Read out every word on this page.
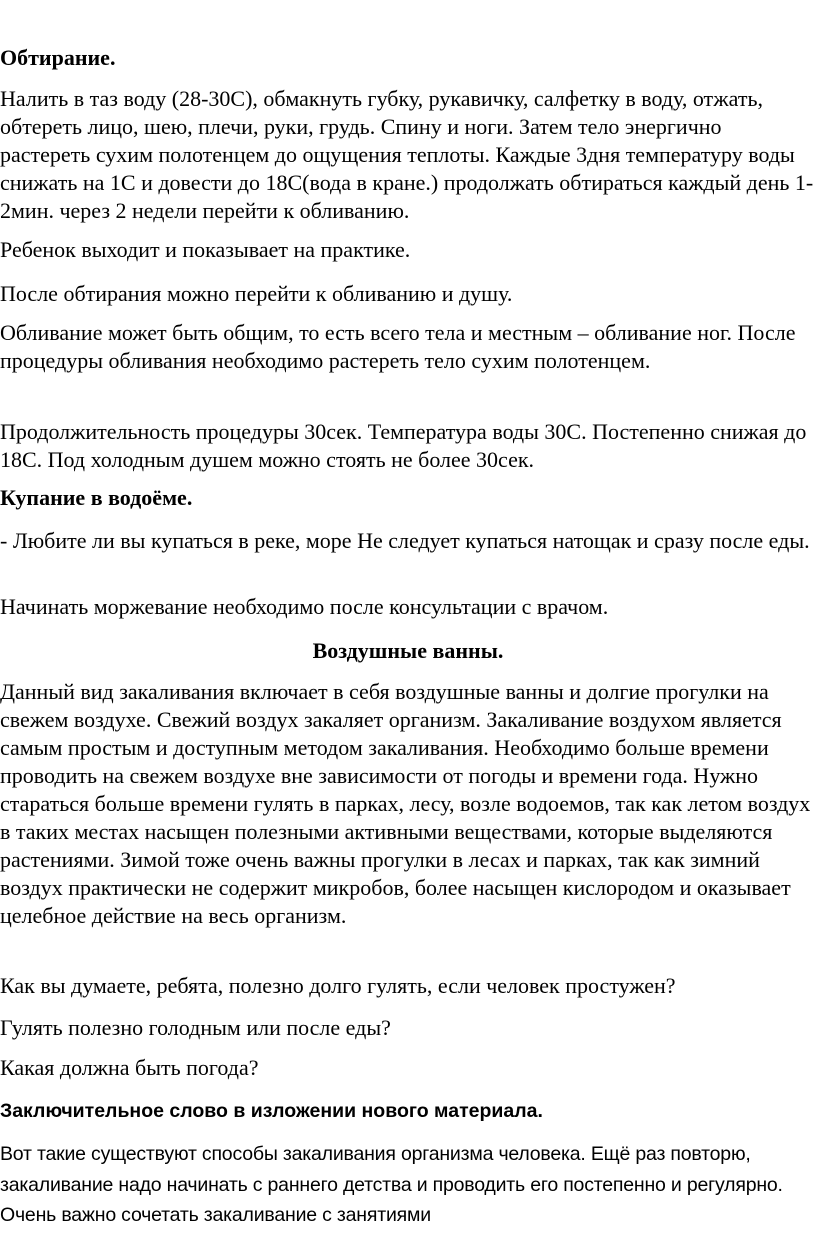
Обтирание.

Налить в таз воду (28-30С), обмакнуть губку, рукавичку, салфетку в воду, отжать, обтереть лицо, шею, плечи, руки, грудь. Спину и ноги. Затем тело энергично растереть сухим полотенцем до ощущения теплоты. Каждые 3дня температуру воды снижать на 1С и довести до 18С(вода в кране.) продолжать обтираться каждый день 1-2мин. через 2 недели перейти к обливанию.

Ребенок выходит и показывает на практике.

После обтирания можно перейти к обливанию и душу.

Обливание может быть общим, то есть всего тела и местным – обливание ног. После процедуры обливания необходимо растереть тело сухим полотенцем.

Продолжительность процедуры 30сек. Температура воды 30С. Постепенно снижая до 18С. Под холодным душем можно стоять не более 30сек.

Купание в водоёме.

- Любите ли вы купаться в реке, море Не следует купаться натощак и сразу после еды.

Начинать моржевание необходимо после консультации с врачом.

Воздушные ванны.

Данный вид закаливания включает в себя воздушные ванны и долгие прогулки на свежем воздухе. Свежий воздух закаляет организм. Закаливание воздухом является самым простым и доступным методом закаливания. Необходимо больше времени проводить на свежем воздухе вне зависимости от погоды и времени года. Нужно стараться больше времени гулять в парках, лесу, возле водоемов, так как летом воздух в таких местах насыщен полезными активными веществами, которые выделяются растениями. Зимой тоже очень важны прогулки в лесах и парках, так как зимний воздух практически не содержит микробов, более насыщен кислородом и оказывает целебное действие на весь организм.

Как вы думаете, ребята, полезно долго гулять, если человек простужен?

Гулять полезно голодным или после еды?

Какая должна быть погода?

Заключительное слово в изложении нового материала.

Вот такие существуют способы закаливания организма человека. Ещё раз повторю, закаливание надо начинать с раннего детства и проводить его постепенно и регулярно. Очень важно сочетать закаливание с занятиями
